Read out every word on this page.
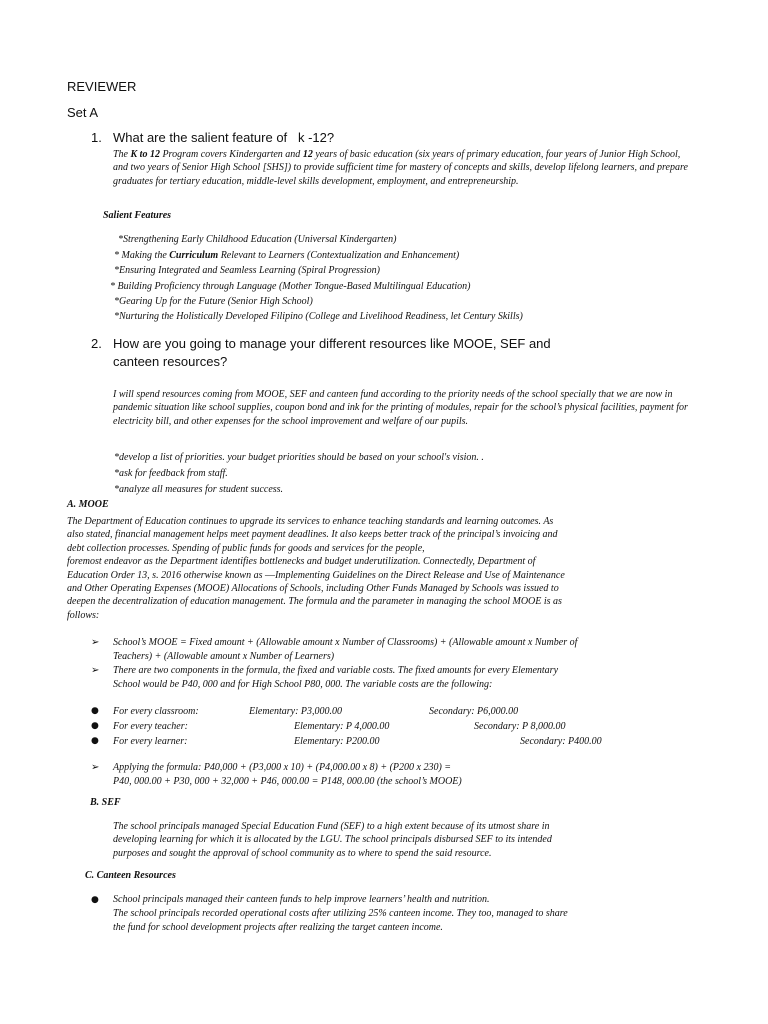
REVIEWER
Set A
1. What are the salient feature of   k -12?
The K to 12 Program covers Kindergarten and 12 years of basic education (six years of primary education, four years of Junior High School, and two years of Senior High School [SHS]) to provide sufficient time for mastery of concepts and skills, develop lifelong learners, and prepare graduates for tertiary education, middle-level skills development, employment, and entrepreneurship.
Salient Features
*Strengthening Early Childhood Education (Universal Kindergarten)
* Making the Curriculum Relevant to Learners (Contextualization and Enhancement)
*Ensuring Integrated and Seamless Learning (Spiral Progression)
* Building Proficiency through Language (Mother Tongue-Based Multilingual Education)
*Gearing Up for the Future (Senior High School)
*Nurturing the Holistically Developed Filipino (College and Livelihood Readiness, let Century Skills)
2. How are you going to manage your different resources like MOOE, SEF and
canteen resources?
I will spend resources coming from MOOE, SEF and canteen fund according to the priority needs of the school specially that we are now in pandemic situation like school supplies, coupon bond and ink for the printing of modules, repair for the school’s physical facilities, payment for electricity bill, and other expenses for the school improvement and welfare of our pupils.
*develop a list of priorities. your budget priorities should be based on your school's vision. .
*ask for feedback from staff.
*analyze all measures for student success.
A. MOOE
The Department of Education continues to upgrade its services to enhance teaching standards and learning outcomes. As
also stated, financial management helps meet payment deadlines. It also keeps better track of the principal’s invoicing and
debt collection processes. Spending of public funds for goods and services for the people,
foremost endeavor as the Department identifies bottlenecks and budget underutilization. Connectedly, Department of
Education Order 13, s. 2016 otherwise known as ―Implementing Guidelines on the Direct Release and Use of Maintenance
and Other Operating Expenses (MOOE) Allocations of Schools, including Other Funds Managed by Schools was issued to
deepen the decentralization of education management. The formula and the parameter in managing the school MOOE is as
follows:
➢ School’s MOOE = Fixed amount + (Allowable amount x Number of Classrooms) + (Allowable amount x Number of
Teachers) + (Allowable amount x Number of Learners)
➢ There are two components in the formula, the fixed and variable costs. The fixed amounts for every Elementary
School would be P40, 000 and for High School P80, 000. The variable costs are the following:
● For every classroom:	Elementary: P3,000.00	Secondary: P6,000.00
● For every teacher:	Elementary: P 4,000.00	Secondary: P 8,000.00
● For every learner:	Elementary: P200.00	Secondary: P400.00
➢ Applying the formula: P40,000 + (P3,000 x 10) + (P4,000.00 x 8) + (P200 x 230) =
P40, 000.00 + P30, 000 + 32,000 + P46, 000.00 = P148, 000.00 (the school’s MOOE)
B. SEF
The school principals managed Special Education Fund (SEF) to a high extent because of its utmost share in
developing learning for which it is allocated by the LGU. The school principals disbursed SEF to its intended
purposes and sought the approval of school community as to where to spend the said resource.
C. Canteen Resources
● School principals managed their canteen funds to help improve learners’ health and nutrition.
The school principals recorded operational costs after utilizing 25% canteen income. They too, managed to share
the fund for school development projects after realizing the target canteen income.
